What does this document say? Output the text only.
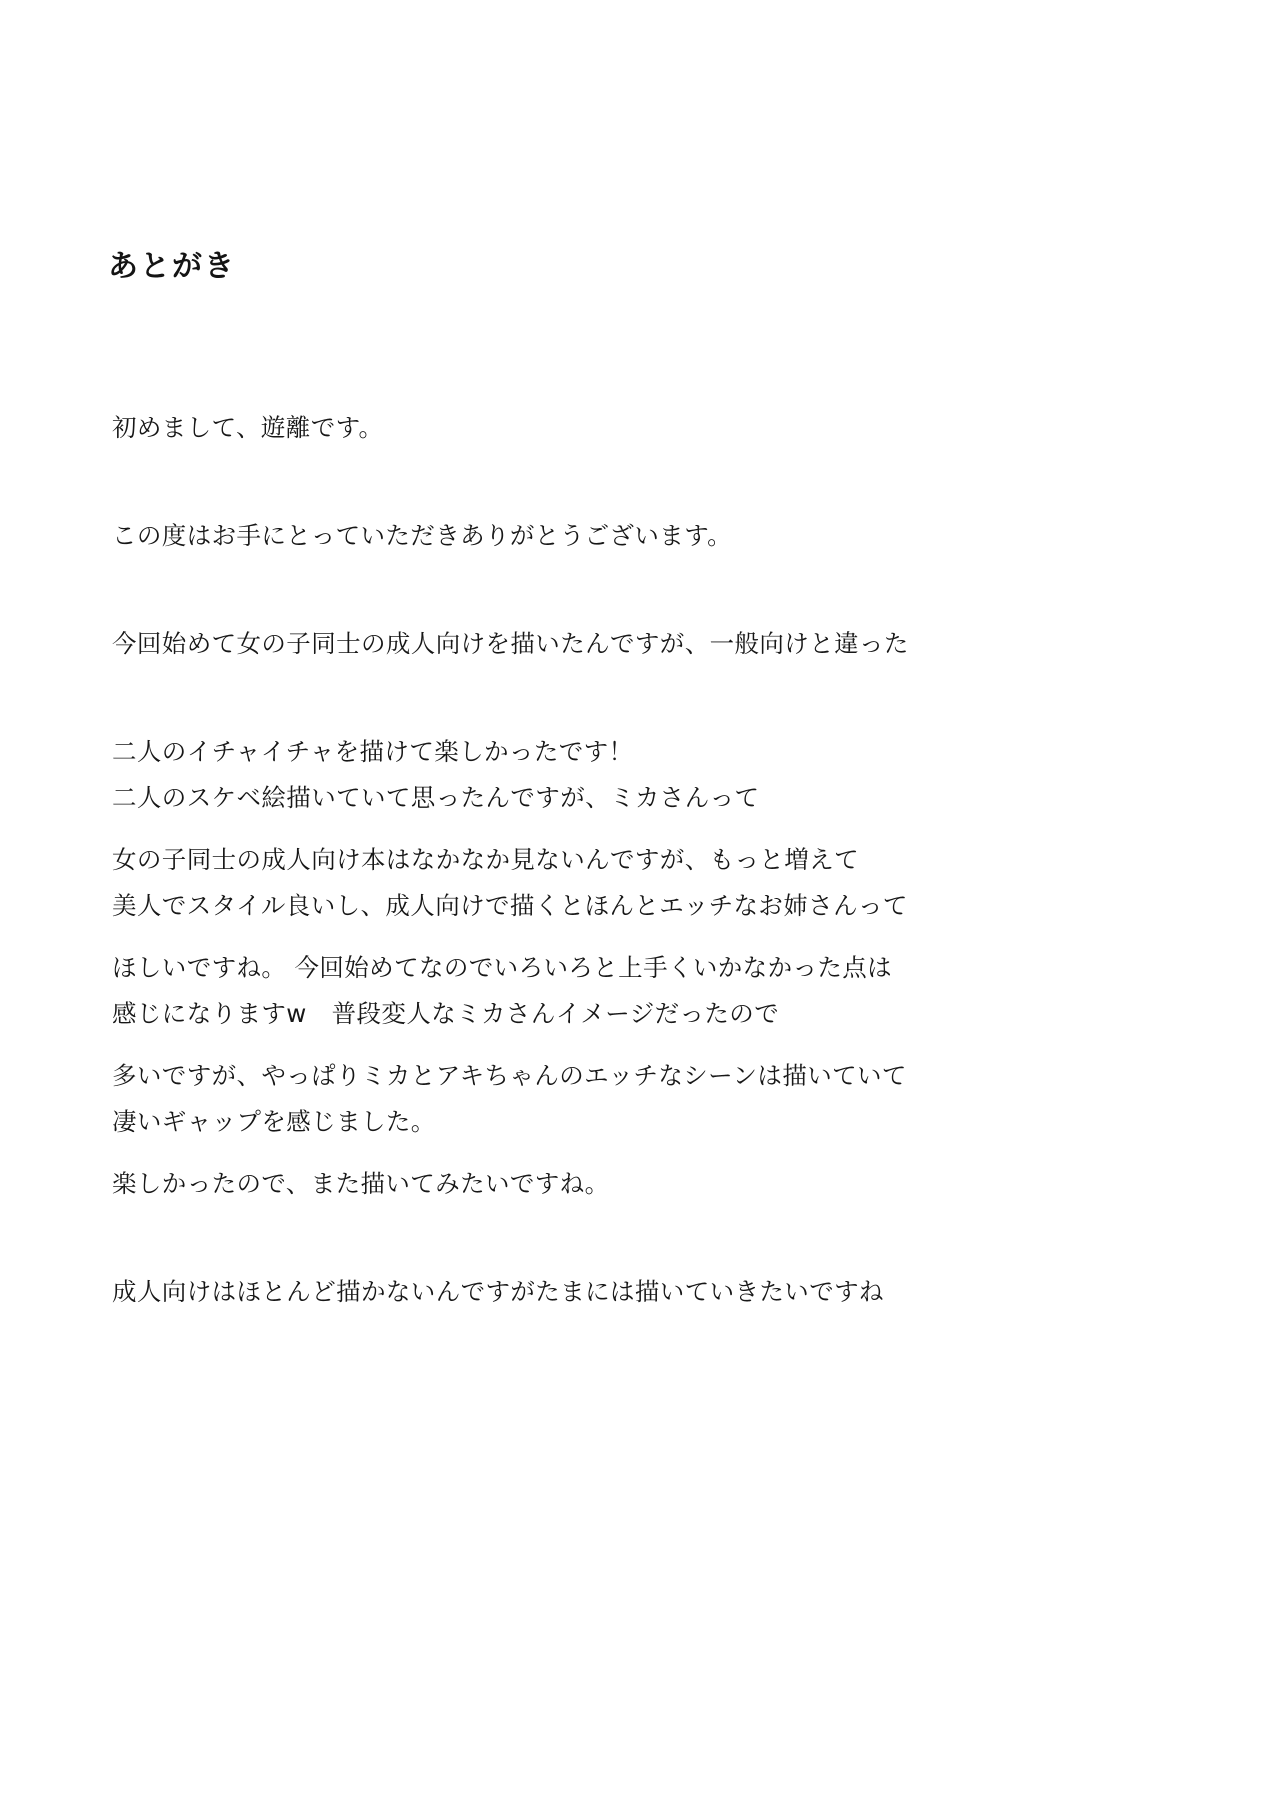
あとがき

初めまして、遊離です。

この度はお手にとっていただきありがとうございます。

今回始めて女の子同士の成人向けを描いたんですが、一般向けと違った

二人のイチャイチャを描けて楽しかったです！

女の子同士の成人向け本はなかなか見ないんですが、もっと増えて

ほしいですね。 今回始めてなのでいろいろと上手くいかなかった点は

多いですが、やっぱりミカとアキちゃんのエッチなシーンは描いていて

楽しかったので、また描いてみたいですね。

成人向けはほとんど描かないんですがたまには描いていきたいですね

二人のスケベ絵描いていて思ったんですが、ミカさんって

美人でスタイル良いし、成人向けで描くとほんとエッチなお姉さんって

感じになりますw　普段変人なミカさんイメージだったので

凄いギャップを感じました。
